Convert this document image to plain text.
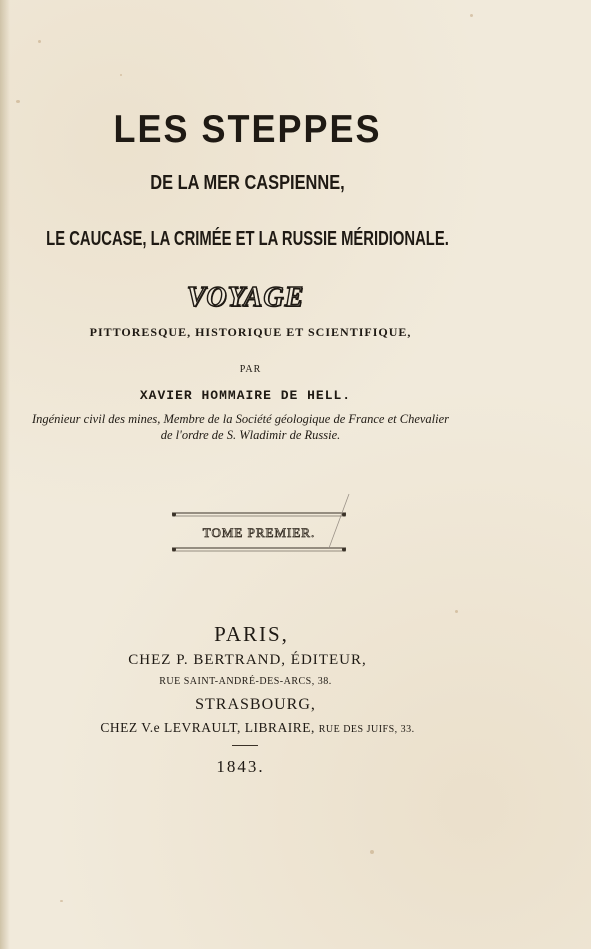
LES STEPPES
DE LA MER CASPIENNE,
LE CAUCASE, LA CRIMÉE ET LA RUSSIE MÉRIDIONALE.
VOYAGE
PITTORESQUE, HISTORIQUE ET SCIENTIFIQUE,
PAR
XAVIER HOMMAIRE DE HELL.
Ingénieur civil des mines, Membre de la Société géologique de France et Chevalier
de l'ordre de S. Wladimir de Russie.
TOME PREMIER.
PARIS,
CHEZ P. BERTRAND, ÉDITEUR,
RUE SAINT-ANDRÉ-DES-ARCS, 38.
STRASBOURG,
CHEZ V.e LEVRAULT, LIBRAIRE, RUE DES JUIFS, 33.
1843.
